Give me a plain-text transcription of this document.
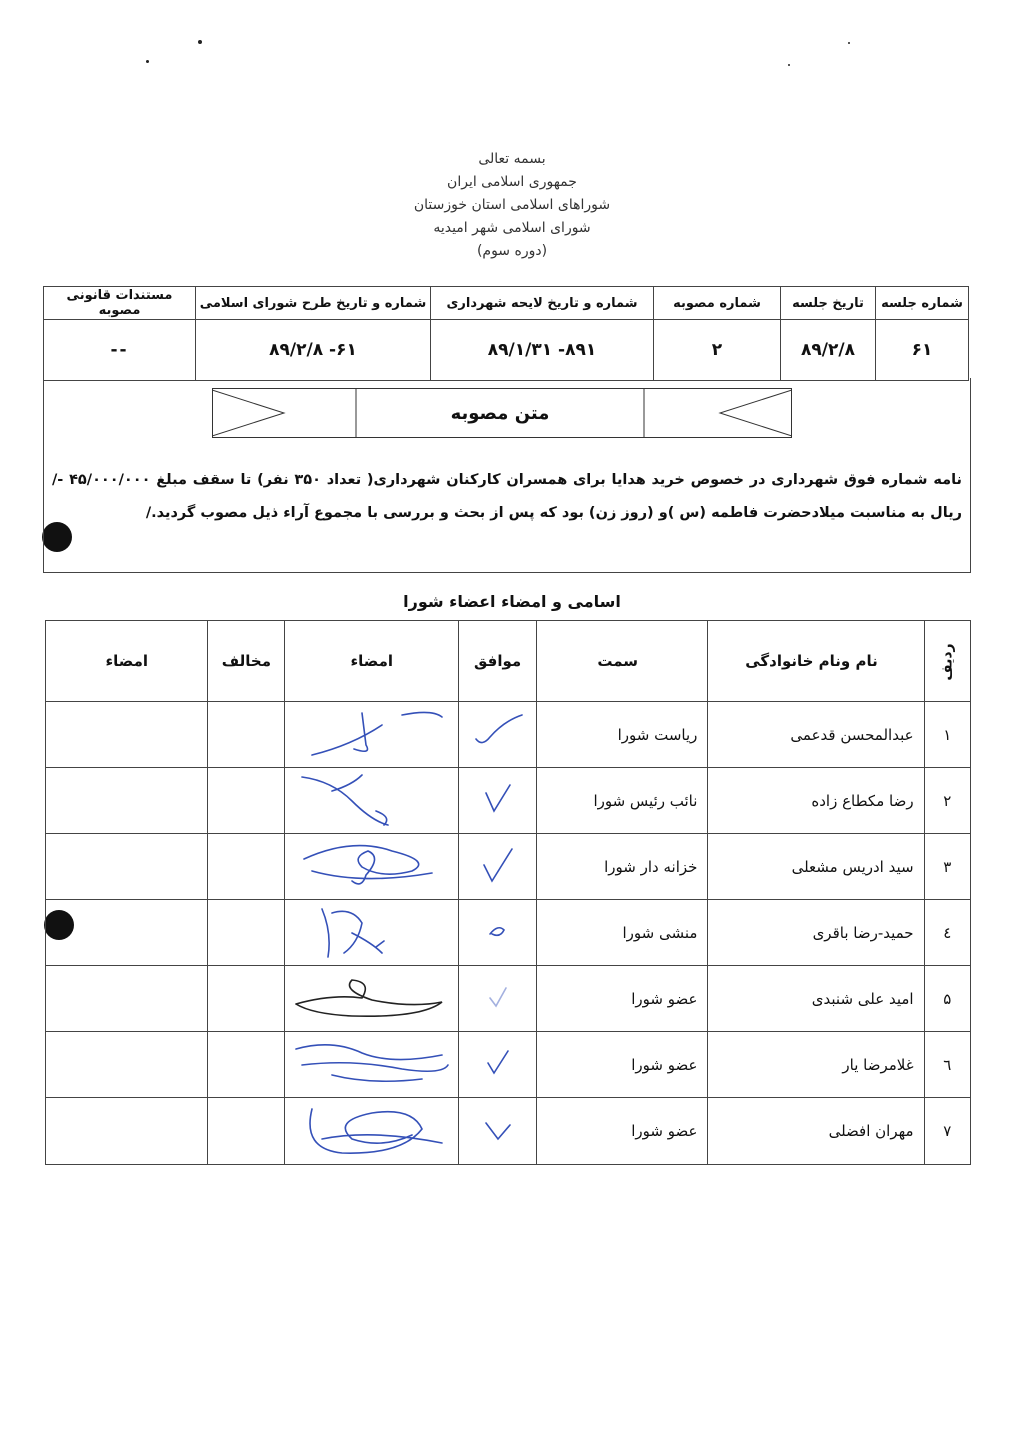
بسمه تعالی
جمهوری اسلامی ایران
شوراهای اسلامی استان خوزستان
شورای اسلامی شهر امیدیه
(دوره سوم)
شماره جلسه	تاریخ جلسه	شماره مصوبه	شماره و تاریخ لایحه شهرداری	شماره و تاریخ طرح شورای اسلامی	مستندات قانونی مصوبه
۶۱	۸۹/۲/۸	۲	۸۹۱- ۸۹/۱/۳۱	۶۱- ۸۹/۲/۸	--
متن مصوبه
نامه شماره فوق شهرداری در خصوص خرید هدایا برای همسران کارکنان شهرداری( تعداد ۳۵۰ نفر) تا سقف مبلغ ۴۵/۰۰۰/۰۰۰ -/ ریال به مناسبت میلادحضرت فاطمه (س )و (روز زن) بود که پس از بحث و بررسی با مجموع آراء ذیل مصوب گردید./
اسامی و امضاء اعضاء شورا
ردیف	نام ونام خانوادگی	سمت	موافق	امضاء	مخالف	امضاء
۱	عبدالمحسن قدعمی	ریاست شورا				
۲	رضا مکطاع زاده	نائب رئیس شورا				
۳	سید ادریس مشعلی	خزانه دار شورا				
٤	حمید-رضا باقری	منشی شورا				
۵	امید علی شنبدی	عضو شورا				
٦	غلامرضا یار	عضو شورا				
۷	مهران افضلی	عضو شورا				
